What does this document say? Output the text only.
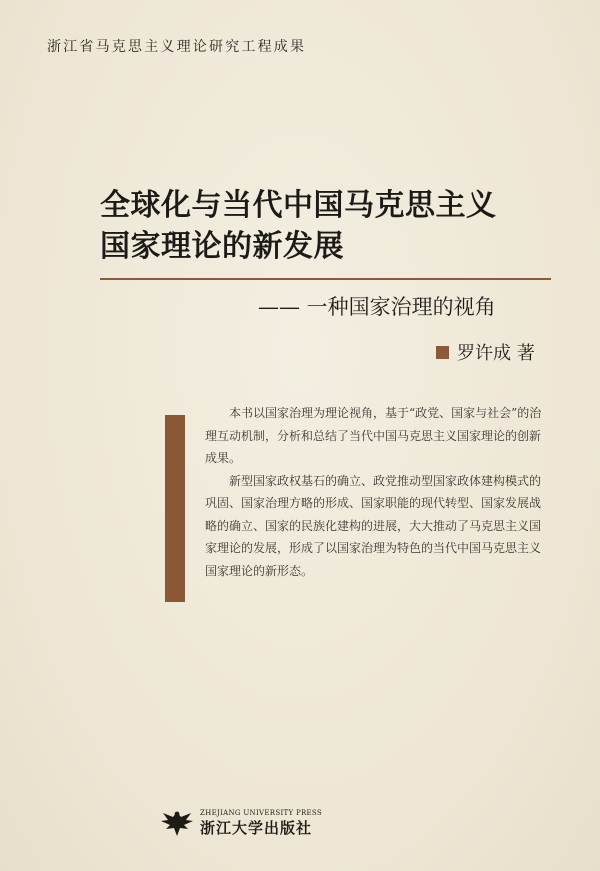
浙江省马克思主义理论研究工程成果
全球化与当代中国马克思主义
国家理论的新发展
—— 一种国家治理的视角
罗许成 著

本书以国家治理为理论视角，基于“政党、国家与社会”的治理互动机制，分析和总结了当代中国马克思主义国家理论的创新成果。

新型国家政权基石的确立、政党推动型国家政体建构模式的巩固、国家治理方略的形成、国家职能的现代转型、国家发展战略的确立、国家的民族化建构的进展，大大推动了马克思主义国家理论的发展，形成了以国家治理为特色的当代中国马克思主义国家理论的新形态。

ZHEJIANG UNIVERSITY PRESS
浙江大学出版社
